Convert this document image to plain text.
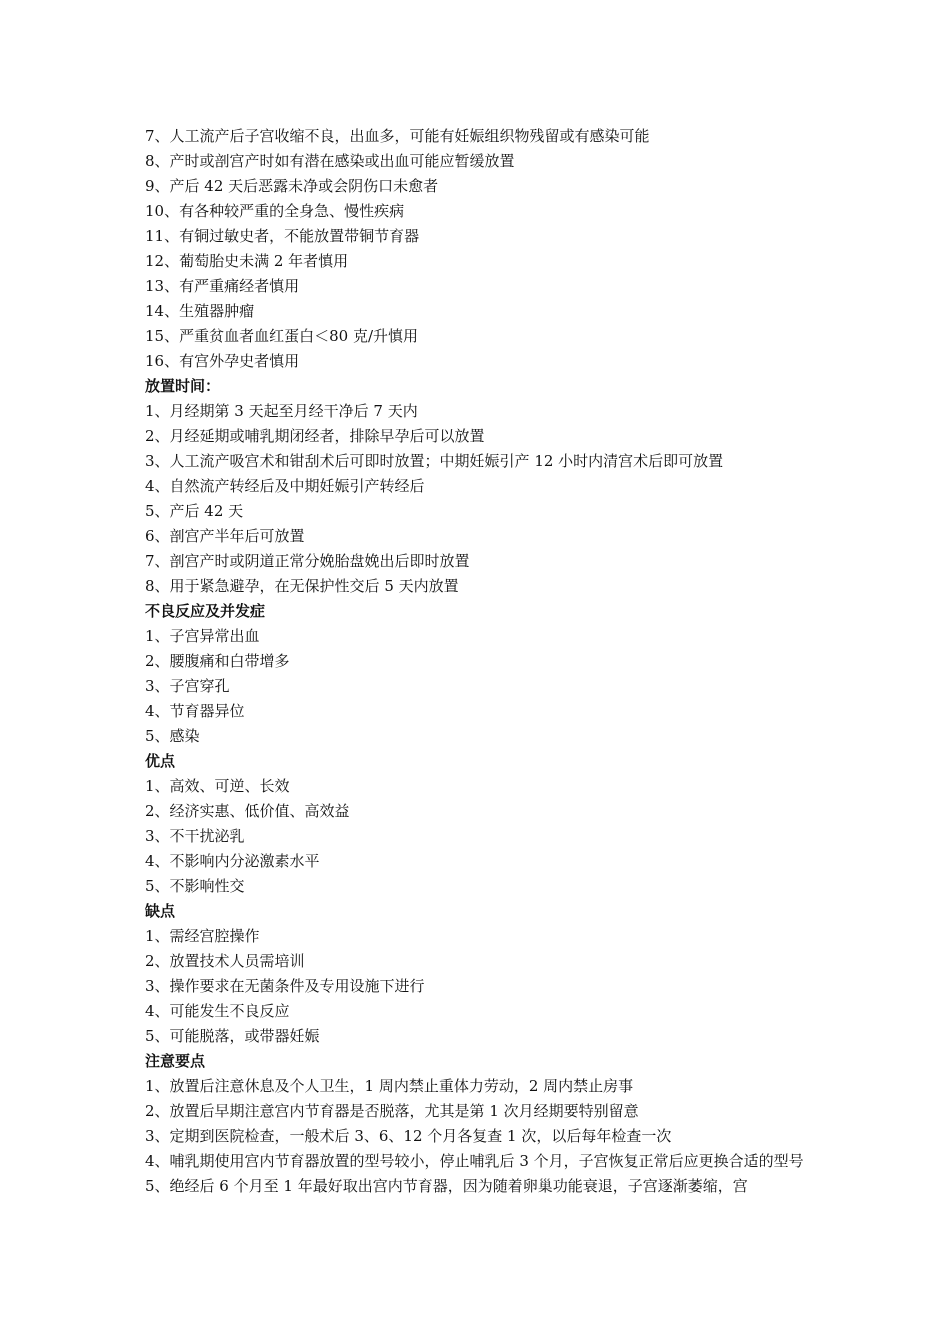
7、人工流产后子宫收缩不良，出血多，可能有妊娠组织物残留或有感染可能
8、产时或剖宫产时如有潜在感染或出血可能应暂缓放置
9、产后 42 天后恶露未净或会阴伤口未愈者
10、有各种较严重的全身急、慢性疾病
11、有铜过敏史者，不能放置带铜节育器
12、葡萄胎史未满 2 年者慎用
13、有严重痛经者慎用
14、生殖器肿瘤
15、严重贫血者血红蛋白＜80 克/升慎用
16、有宫外孕史者慎用
放置时间：
1、月经期第 3 天起至月经干净后 7 天内
2、月经延期或哺乳期闭经者，排除早孕后可以放置
3、人工流产吸宫术和钳刮术后可即时放置；中期妊娠引产 12 小时内清宫术后即可放置
4、自然流产转经后及中期妊娠引产转经后
5、产后 42 天
6、剖宫产半年后可放置
7、剖宫产时或阴道正常分娩胎盘娩出后即时放置
8、用于紧急避孕，在无保护性交后 5 天内放置
不良反应及并发症
1、子宫异常出血
2、腰腹痛和白带增多
3、子宫穿孔
4、节育器异位
5、感染
优点
1、高效、可逆、长效
2、经济实惠、低价值、高效益
3、不干扰泌乳
4、不影响内分泌激素水平
5、不影响性交
缺点
1、需经宫腔操作
2、放置技术人员需培训
3、操作要求在无菌条件及专用设施下进行
4、可能发生不良反应
5、可能脱落，或带器妊娠
注意要点
1、放置后注意休息及个人卫生，1 周内禁止重体力劳动，2 周内禁止房事
2、放置后早期注意宫内节育器是否脱落，尤其是第 1 次月经期要特别留意
3、定期到医院检查，一般术后 3、6、12 个月各复查 1 次，以后每年检查一次
4、哺乳期使用宫内节育器放置的型号较小，停止哺乳后 3 个月，子宫恢复正常后应更换合适的型号
5、绝经后 6 个月至 1 年最好取出宫内节育器，因为随着卵巢功能衰退，子宫逐渐萎缩，宫
